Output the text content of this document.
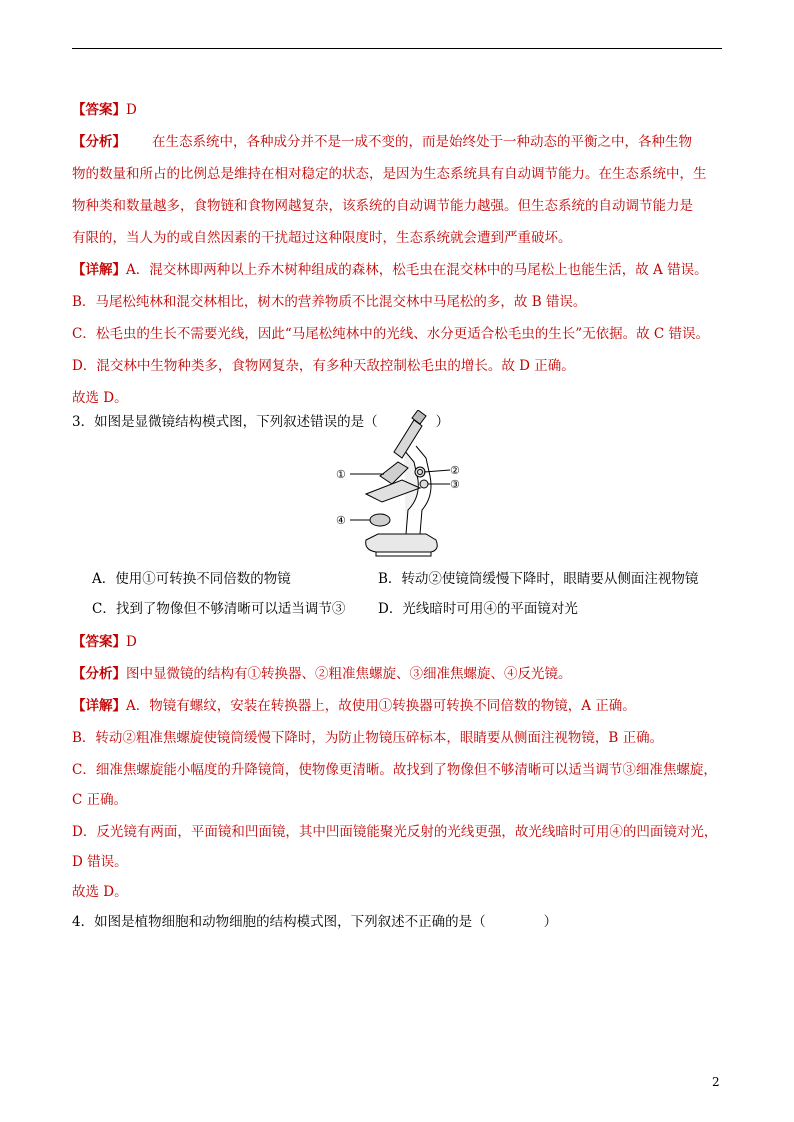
【答案】D
【分析】 在生态系统中，各种成分并不是一成不变的，而是始终处于一种动态的平衡之中，各种生物
物的数量和所占的比例总是维持在相对稳定的状态，是因为生态系统具有自动调节能力。在生态系统中，生
物种类和数量越多，食物链和食物网越复杂，该系统的自动调节能力越强。但生态系统的自动调节能力是
有限的，当人为的或自然因素的干扰超过这种限度时，生态系统就会遭到严重破坏。
【详解】A．混交林即两种以上乔木树种组成的森林，松毛虫在混交林中的马尾松上也能生活，故 A 错误。
B．马尾松纯林和混交林相比，树木的营养物质不比混交林中马尾松的多，故 B 错误。
C．松毛虫的生长不需要光线，因此“马尾松纯林中的光线、水分更适合松毛虫的生长”无依据。故 C 错误。
D．混交林中生物种类多，食物网复杂，有多种天敌控制松毛虫的增长。故 D 正确。
故选 D。
3．如图是显微镜结构模式图，下列叙述错误的是（	）
①	②
③
④
A．使用①可转换不同倍数的物镜	B．转动②使镜筒缓慢下降时，眼睛要从侧面注视物镜
C．找到了物像但不够清晰可以适当调节③ D．光线暗时可用④的平面镜对光
【答案】D
【分析】图中显微镜的结构有①转换器、②粗准焦螺旋、③细准焦螺旋、④反光镜。
【详解】A．物镜有螺纹，安装在转换器上，故使用①转换器可转换不同倍数的物镜，A 正确。
B．转动②粗准焦螺旋使镜筒缓慢下降时，为防止物镜压碎标本，眼睛要从侧面注视物镜，B 正确。
C．细准焦螺旋能小幅度的升降镜筒，使物像更清晰。故找到了物像但不够清晰可以适当调节③细准焦螺旋，
C 正确。
D．反光镜有两面，平面镜和凹面镜，其中凹面镜能聚光反射的光线更强，故光线暗时可用④的凹面镜对光，
D 错误。
故选 D。
4．如图是植物细胞和动物细胞的结构模式图，下列叙述不正确的是（	）
2
